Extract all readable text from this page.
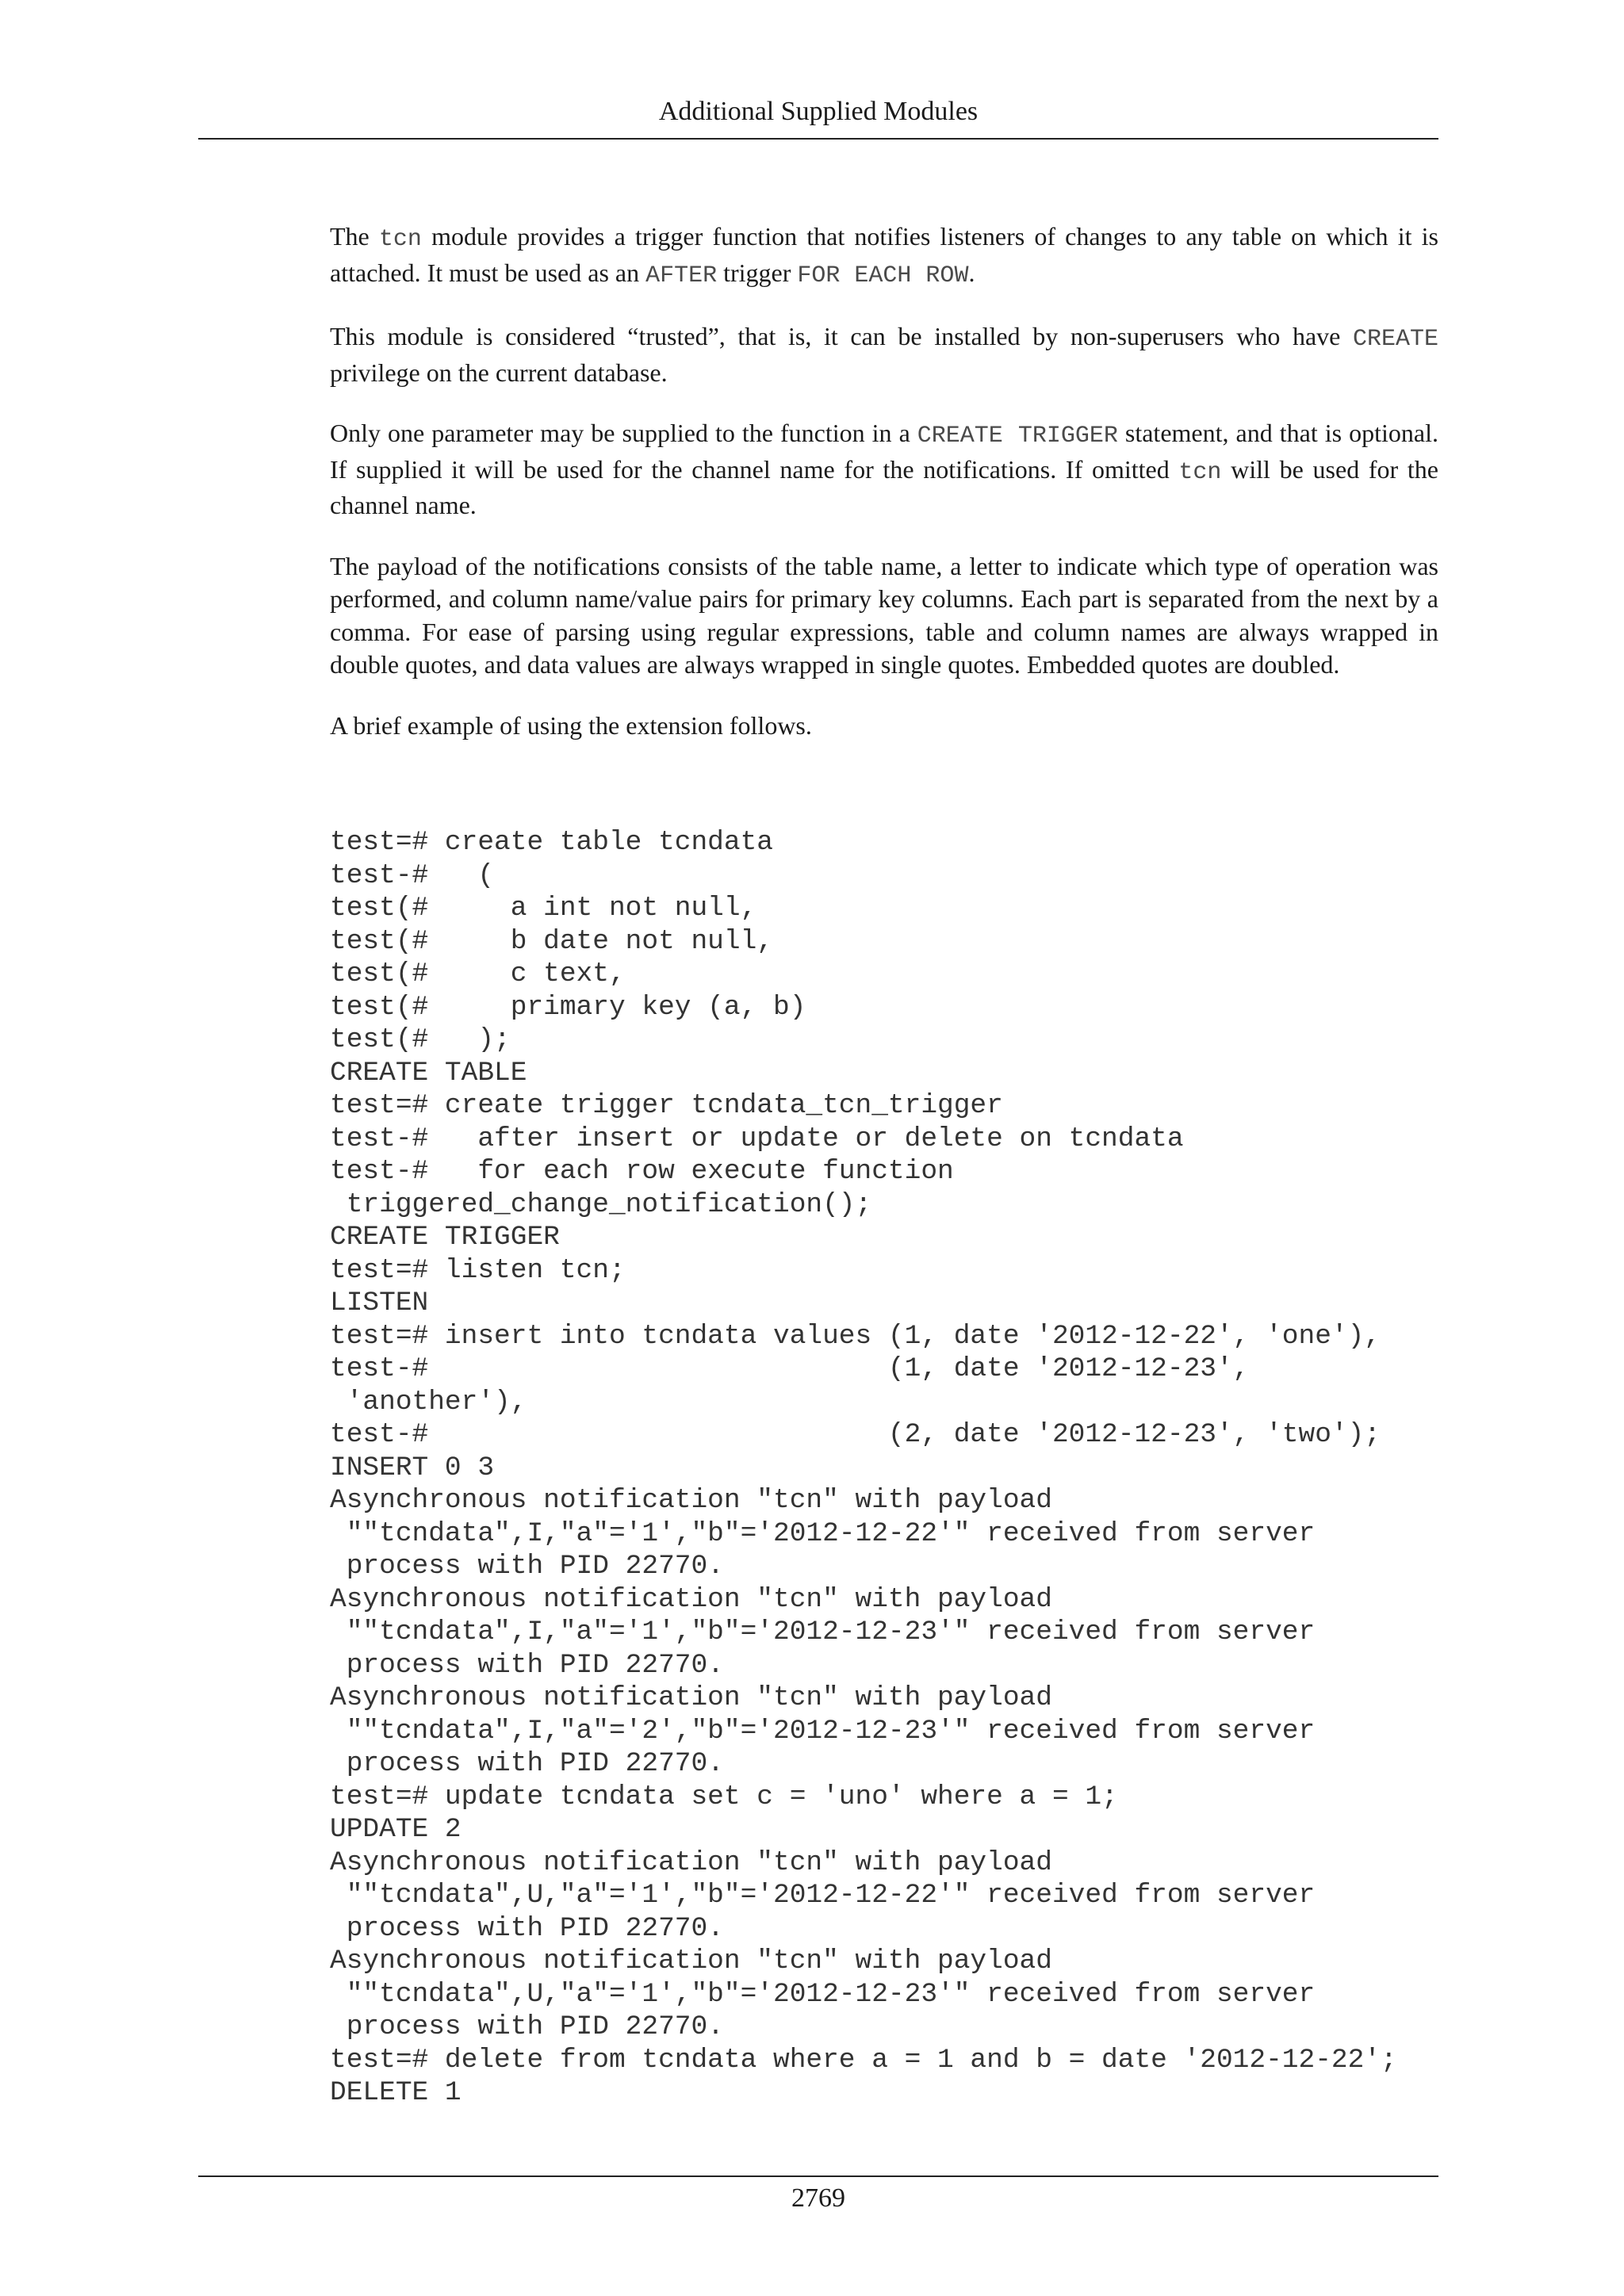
Additional Supplied Modules

The tcn module provides a trigger function that notifies listeners of changes to any table on which it is attached. It must be used as an AFTER trigger FOR EACH ROW.

This module is considered “trusted”, that is, it can be installed by non-superusers who have CREATE privilege on the current database.

Only one parameter may be supplied to the function in a CREATE TRIGGER statement, and that is optional. If supplied it will be used for the channel name for the notifications. If omitted tcn will be used for the channel name.

The payload of the notifications consists of the table name, a letter to indicate which type of operation was performed, and column name/value pairs for primary key columns. Each part is separated from the next by a comma. For ease of parsing using regular expressions, table and column names are always wrapped in double quotes, and data values are always wrapped in single quotes. Embedded quotes are doubled.

A brief example of using the extension follows.

test=# create table tcndata
test-#   (
test(#     a int not null,
test(#     b date not null,
test(#     c text,
test(#     primary key (a, b)
test(#   );
CREATE TABLE
test=# create trigger tcndata_tcn_trigger
test-#   after insert or update or delete on tcndata
test-#   for each row execute function
triggered_change_notification();
CREATE TRIGGER
test=# listen tcn;
LISTEN
test=# insert into tcndata values (1, date '2012-12-22', 'one'),
test-#                            (1, date '2012-12-23',
'another'),
test-#                            (2, date '2012-12-23', 'two');
INSERT 0 3
Asynchronous notification "tcn" with payload
""tcndata",I,"a"='1',"b"='2012-12-22'" received from server
process with PID 22770.
Asynchronous notification "tcn" with payload
""tcndata",I,"a"='1',"b"='2012-12-23'" received from server
process with PID 22770.
Asynchronous notification "tcn" with payload
""tcndata",I,"a"='2',"b"='2012-12-23'" received from server
process with PID 22770.
test=# update tcndata set c = 'uno' where a = 1;
UPDATE 2
Asynchronous notification "tcn" with payload
""tcndata",U,"a"='1',"b"='2012-12-22'" received from server
process with PID 22770.
Asynchronous notification "tcn" with payload
""tcndata",U,"a"='1',"b"='2012-12-23'" received from server
process with PID 22770.
test=# delete from tcndata where a = 1 and b = date '2012-12-22';
DELETE 1
2769
